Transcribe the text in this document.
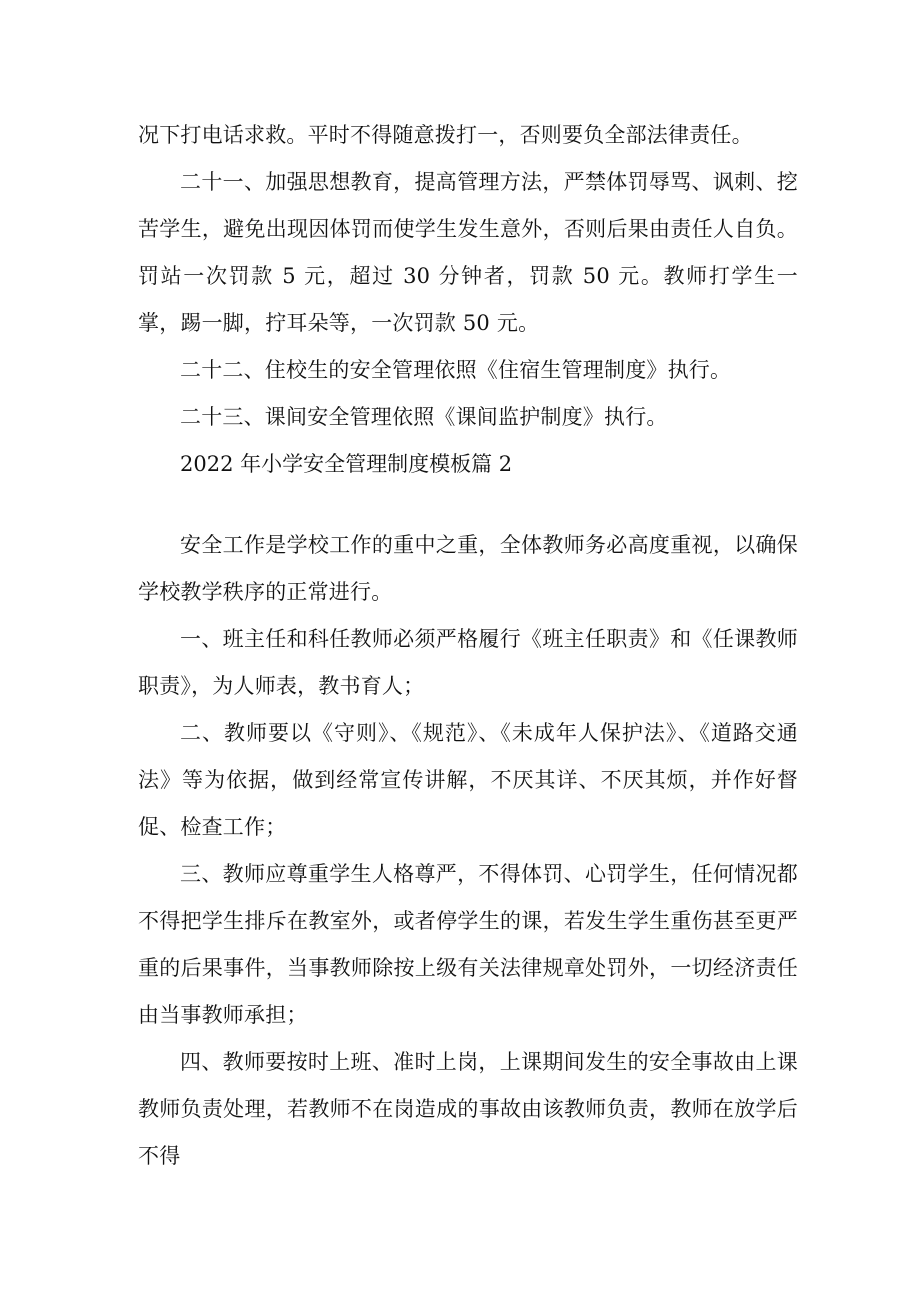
况下打电话求救。平时不得随意拨打一，否则要负全部法律责任。

二十一、加强思想教育，提高管理方法，严禁体罚辱骂、讽刺、挖苦学生，避免出现因体罚而使学生发生意外，否则后果由责任人自负。罚站一次罚款 5 元，超过 30 分钟者，罚款 50 元。教师打学生一掌，踢一脚，拧耳朵等，一次罚款 50 元。

二十二、住校生的安全管理依照《住宿生管理制度》执行。

二十三、课间安全管理依照《课间监护制度》执行。

2022 年小学安全管理制度模板篇 2

安全工作是学校工作的重中之重，全体教师务必高度重视，以确保学校教学秩序的正常进行。

一、班主任和科任教师必须严格履行《班主任职责》和《任课教师职责》，为人师表，教书育人；

二、教师要以《守则》、《规范》、《未成年人保护法》、《道路交通法》等为依据，做到经常宣传讲解，不厌其详、不厌其烦，并作好督促、检查工作；

三、教师应尊重学生人格尊严，不得体罚、心罚学生，任何情况都不得把学生排斥在教室外，或者停学生的课，若发生学生重伤甚至更严重的后果事件，当事教师除按上级有关法律规章处罚外，一切经济责任由当事教师承担；

四、教师要按时上班、准时上岗，上课期间发生的安全事故由上课教师负责处理，若教师不在岗造成的事故由该教师负责，教师在放学后不得
